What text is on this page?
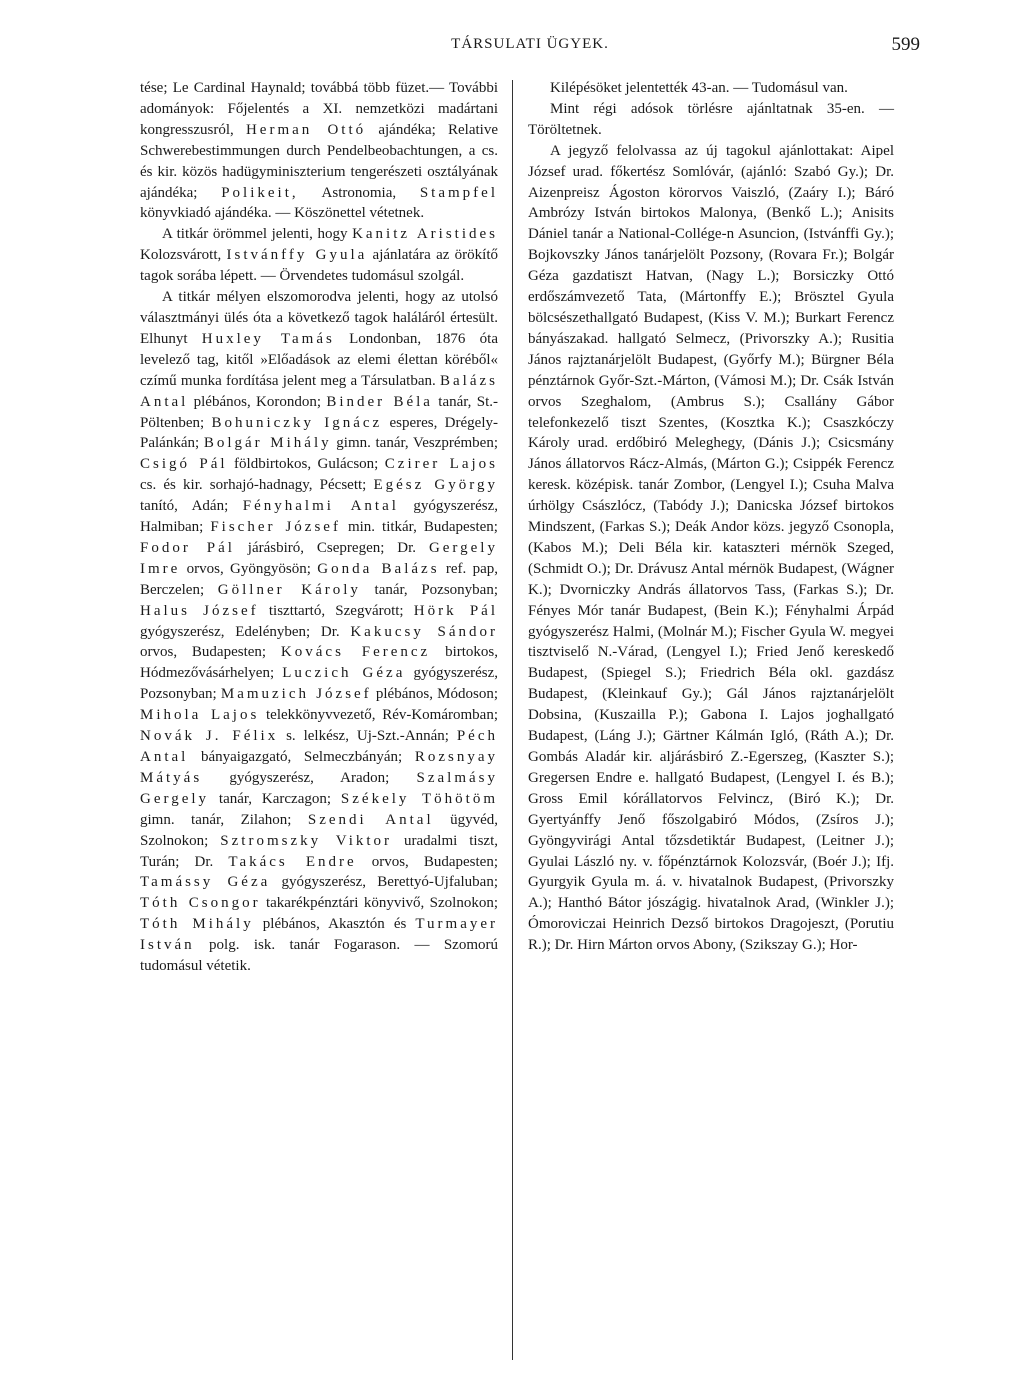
TÁRSULATI ÜGYEK.	599

tése; Le Cardinal Haynald; továbbá több füzet.— További adományok: Főjelentés a XI. nemzetközi madártani kongresszusról, Herman Ottó ajándéka; Relative Schwerebestimmungen durch Pendelbeobachtungen, a cs. és kir. közös hadügyminiszterium tengerészeti osztályának ajándéka; Polikeit, Astronomia, Stampfel könyvkiadó ajándéka. — Köszönettel vétetnek.

A titkár örömmel jelenti, hogy Kanitz Aristides Kolozsvárott, Istvánffy Gyula ajánlatára az örökítő tagok sorába lépett. — Örvendetes tudomásul szolgál.

A titkár mélyen elszomorodva jelenti, hogy az utolsó választmányi ülés óta a következő tagok haláláról értesült. Elhunyt Huxley Tamás Londonban, 1876 óta levelező tag, kitől »Előadások az elemi élettan köréből« czímű munka fordítása jelent meg a Társulatban. Balázs Antal plébános, Korondon; Binder Béla tanár, St.-Pöltenben; Bohuniczky Ignácz esperes, Drégely-Palánkán; Bolgár Mihály gimn. tanár, Veszprémben; Csigó Pál földbirtokos, Gulácson; Czirer Lajos cs. és kir. sorhajó-hadnagy, Pécsett; Egész György tanító, Adán; Fényhalmi Antal gyógyszerész, Halmiban; Fischer József min. titkár, Budapesten; Fodor Pál járásbiró, Csepregen; Dr. Gergely Imre orvos, Gyöngyösön; Gonda Balázs ref. pap, Berczelen; Göllner Károly tanár, Pozsonyban; Halus József tiszttartó, Szegvárott; Hörk Pál gyógyszerész, Edelényben; Dr. Kakucsy Sándor orvos, Budapesten; Kovács Ferencz birtokos, Hódmezővásárhelyen; Luczich Géza gyógyszerész, Pozsonyban; Mamuzich József plébános, Módoson; Mihola Lajos telekkönyvvezető, Rév-Komáromban; Novák J. Félix s. lelkész, Uj-Szt.-Annán; Péch Antal bányaigazgató, Selmeczbányán; Rozsnyay Mátyás gyógyszerész, Aradon; Szalmásy Gergely tanár, Karczagon; Székely Töhötöm gimn. tanár, Zilahon; Szendi Antal ügyvéd, Szolnokon; Sztromszky Viktor uradalmi tiszt, Turán; Dr. Takács Endre orvos, Budapesten; Tamássy Géza gyógyszerész, Berettyó-Ujfaluban; Tóth Csongor takarékpénztári könyvivő, Szolnokon; Tóth Mihály plébános, Akasztón és Turmayer István polg. isk. tanár Fogarason. — Szomorú tudomásul vétetik.

Kilépésöket jelentették 43-an. — Tudomásul van.

Mint régi adósok törlésre ajánltatnak 35-en. — Töröltetnek.

A jegyző felolvassa az új tagokul ajánlottakat: Aipel József urad. főkertész Somlóvár, (ajánló: Szabó Gy.); Dr. Aizenpreisz Ágoston körorvos Vaiszló, (Zaáry I.); Báró Ambrózy István birtokos Malonya, (Benkő L.); Anisits Dániel tanár a National-Collége-n Asuncion, (Istvánffi Gy.); Bojkovszky János tanárjelölt Pozsony, (Rovara Fr.); Bolgár Géza gazdatiszt Hatvan, (Nagy L.); Borsiczky Ottó erdőszámvezető Tata, (Mártonffy E.); Brösztel Gyula bölcsészethallgató Budapest, (Kiss V. M.); Burkart Ferencz bányászakad. hallgató Selmecz, (Privorszky A.); Rusitia János rajztanárjelölt Budapest, (Győrfy M.); Bürgner Béla pénztárnok Győr-Szt.-Márton, (Vámosi M.); Dr. Csák István orvos Szeghalom, (Ambrus S.); Csallány Gábor telefonkezelő tiszt Szentes, (Kosztka K.); Csaszkóczy Károly urad. erdőbiró Meleghegy, (Dánis J.); Csicsmány János állatorvos Rácz-Almás, (Márton G.); Csippék Ferencz keresk. középisk. tanár Zombor, (Lengyel I.); Csuha Malva úrhölgy Császlócz, (Tabódy J.); Danicska József birtokos Mindszent, (Farkas S.); Deák Andor közs. jegyző Csonopla, (Kabos M.); Deli Béla kir. kataszteri mérnök Szeged, (Schmidt O.); Dr. Drávusz Antal mérnök Budapest, (Wágner K.); Dvorniczky András állatorvos Tass, (Farkas S.); Dr. Fényes Mór tanár Budapest, (Bein K.); Fényhalmi Árpád gyógyszerész Halmi, (Molnár M.); Fischer Gyula W. megyei tisztviselő N.-Várad, (Lengyel I.); Fried Jenő kereskedő Budapest, (Spiegel S.); Friedrich Béla okl. gazdász Budapest, (Kleinkauf Gy.); Gál János rajztanárjelölt Dobsina, (Kuszailla P.); Gabona I. Lajos joghallgató Budapest, (Láng J.); Gärtner Kálmán Igló, (Ráth A.); Dr. Gombás Aladár kir. aljárásbiró Z.-Egerszeg, (Kaszter S.); Gregersen Endre e. hallgató Budapest, (Lengyel I. és B.); Gross Emil kórállatorvos Felvincz, (Biró K.); Dr. Gyertyánffy Jenő főszolgabiró Módos, (Zsíros J.); Gyöngyvirági Antal tőzsdetiktár Budapest, (Leitner J.); Gyulai László ny. v. főpénztárnok Kolozsvár, (Boér J.); Ifj. Gyurgyik Gyula m. á. v. hivatalnok Budapest, (Privorszky A.); Hanthó Bátor jószágig. hivatalnok Arad, (Winkler J.); Ómoroviczai Heinrich Dezső birtokos Dragojeszt, (Porutiu R.); Dr. Hirn Márton orvos Abony, (Szikszay G.); Hor-
